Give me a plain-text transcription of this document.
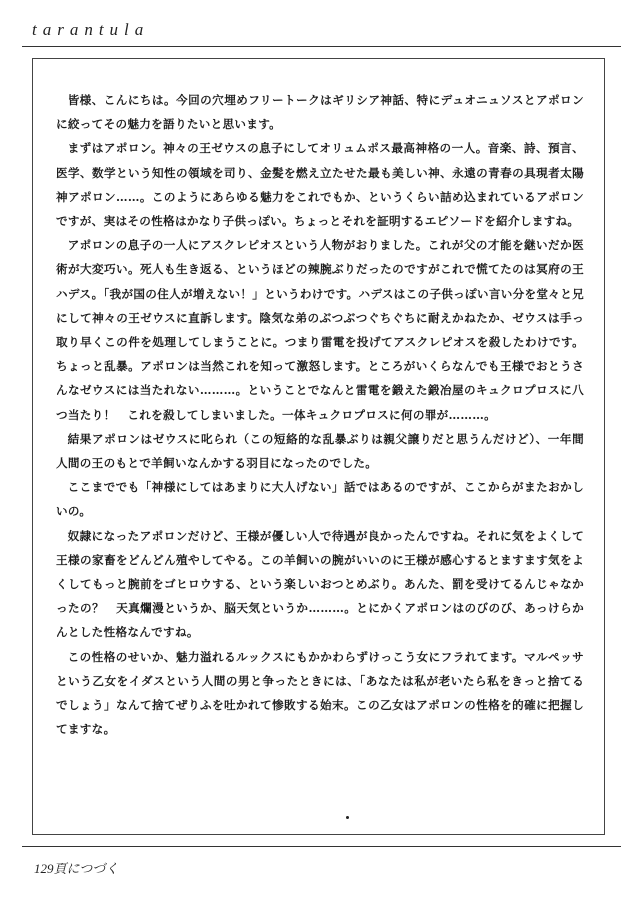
tarantula

皆様、こんにちは。今回の穴埋めフリートークはギリシア神話、特にデュオニュソスとアポロンに絞ってその魅力を語りたいと思います。

まずはアポロン。神々の王ゼウスの息子にしてオリュムポス最高神格の一人。音楽、詩、預言、医学、数学という知性の領域を司り、金髪を燃え立たせた最も美しい神、永遠の青春の具現者太陽神アポロン……。このようにあらゆる魅力をこれでもか、というくらい詰め込まれているアポロンですが、実はその性格はかなり子供っぽい。ちょっとそれを証明するエピソードを紹介しますね。

アポロンの息子の一人にアスクレピオスという人物がおりました。これが父の才能を継いだか医術が大変巧い。死人も生き返る、というほどの辣腕ぶりだったのですがこれで慌てたのは冥府の王ハデス。「我が国の住人が増えない！」というわけです。ハデスはこの子供っぽい言い分を堂々と兄にして神々の王ゼウスに直訴します。陰気な弟のぶつぶつぐちぐちに耐えかねたか、ゼウスは手っ取り早くこの件を処理してしまうことに。つまり雷電を投げてアスクレピオスを殺したわけです。ちょっと乱暴。アポロンは当然これを知って激怒します。ところがいくらなんでも王様でおとうさんなゼウスには当たれない………。ということでなんと雷電を鍛えた鍛冶屋のキュクロプロスに八つ当たり！　これを殺してしまいました。一体キュクロプロスに何の罪が………。

結果アポロンはゼウスに叱られ（この短絡的な乱暴ぶりは親父譲りだと思うんだけど）、一年間人間の王のもとで羊飼いなんかする羽目になったのでした。

ここまででも「神様にしてはあまりに大人げない」話ではあるのですが、ここからがまたおかしいの。

奴隷になったアポロンだけど、王様が優しい人で待遇が良かったんですね。それに気をよくして王様の家畜をどんどん殖やしてやる。この羊飼いの腕がいいのに王様が感心するとますます気をよくしてもっと腕前をゴヒロウする、という楽しいおつとめぶり。あんた、罰を受けてるんじゃなかったの？　天真爛漫というか、脳天気というか………。とにかくアポロンはのびのび、あっけらかんとした性格なんですね。

この性格のせいか、魅力溢れるルックスにもかかわらずけっこう女にフラれてます。マルペッサという乙女をイダスという人間の男と争ったときには、「あなたは私が老いたら私をきっと捨てるでしょう」なんて捨てぜりふを吐かれて惨敗する始末。この乙女はアポロンの性格を的確に把握してますな。

129頁につづく
